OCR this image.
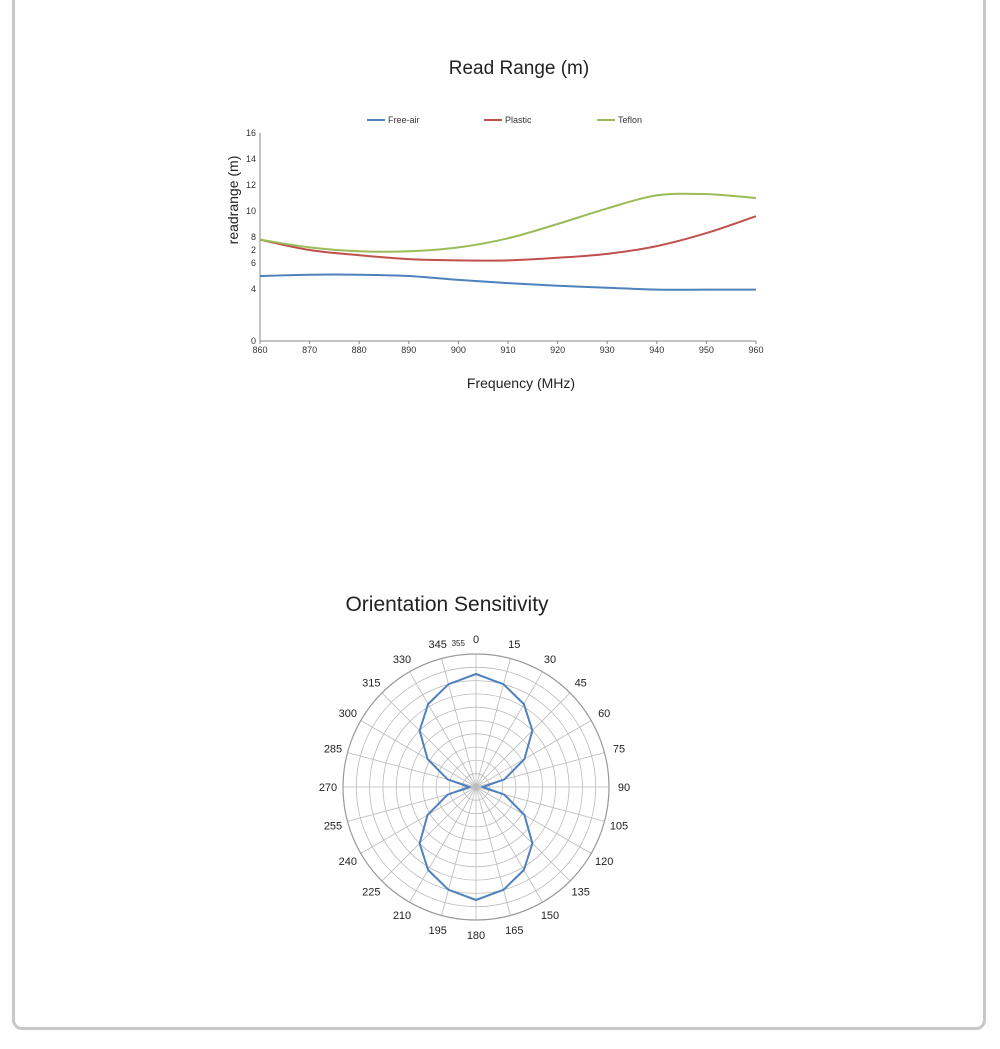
Read Range (m)
Free-air	Plastic	Teflon
0
4
6
2
8
10
12
14
16
860	870	880	890	900	910	920	930	940	950	960
readrange (m)
Frequency (MHz)
Orientation Sensitivity
0	15
30
45
60
75
90
105
120
135
150
165
180
195
210
225
240
255
270
285
300
315
330
345 355
